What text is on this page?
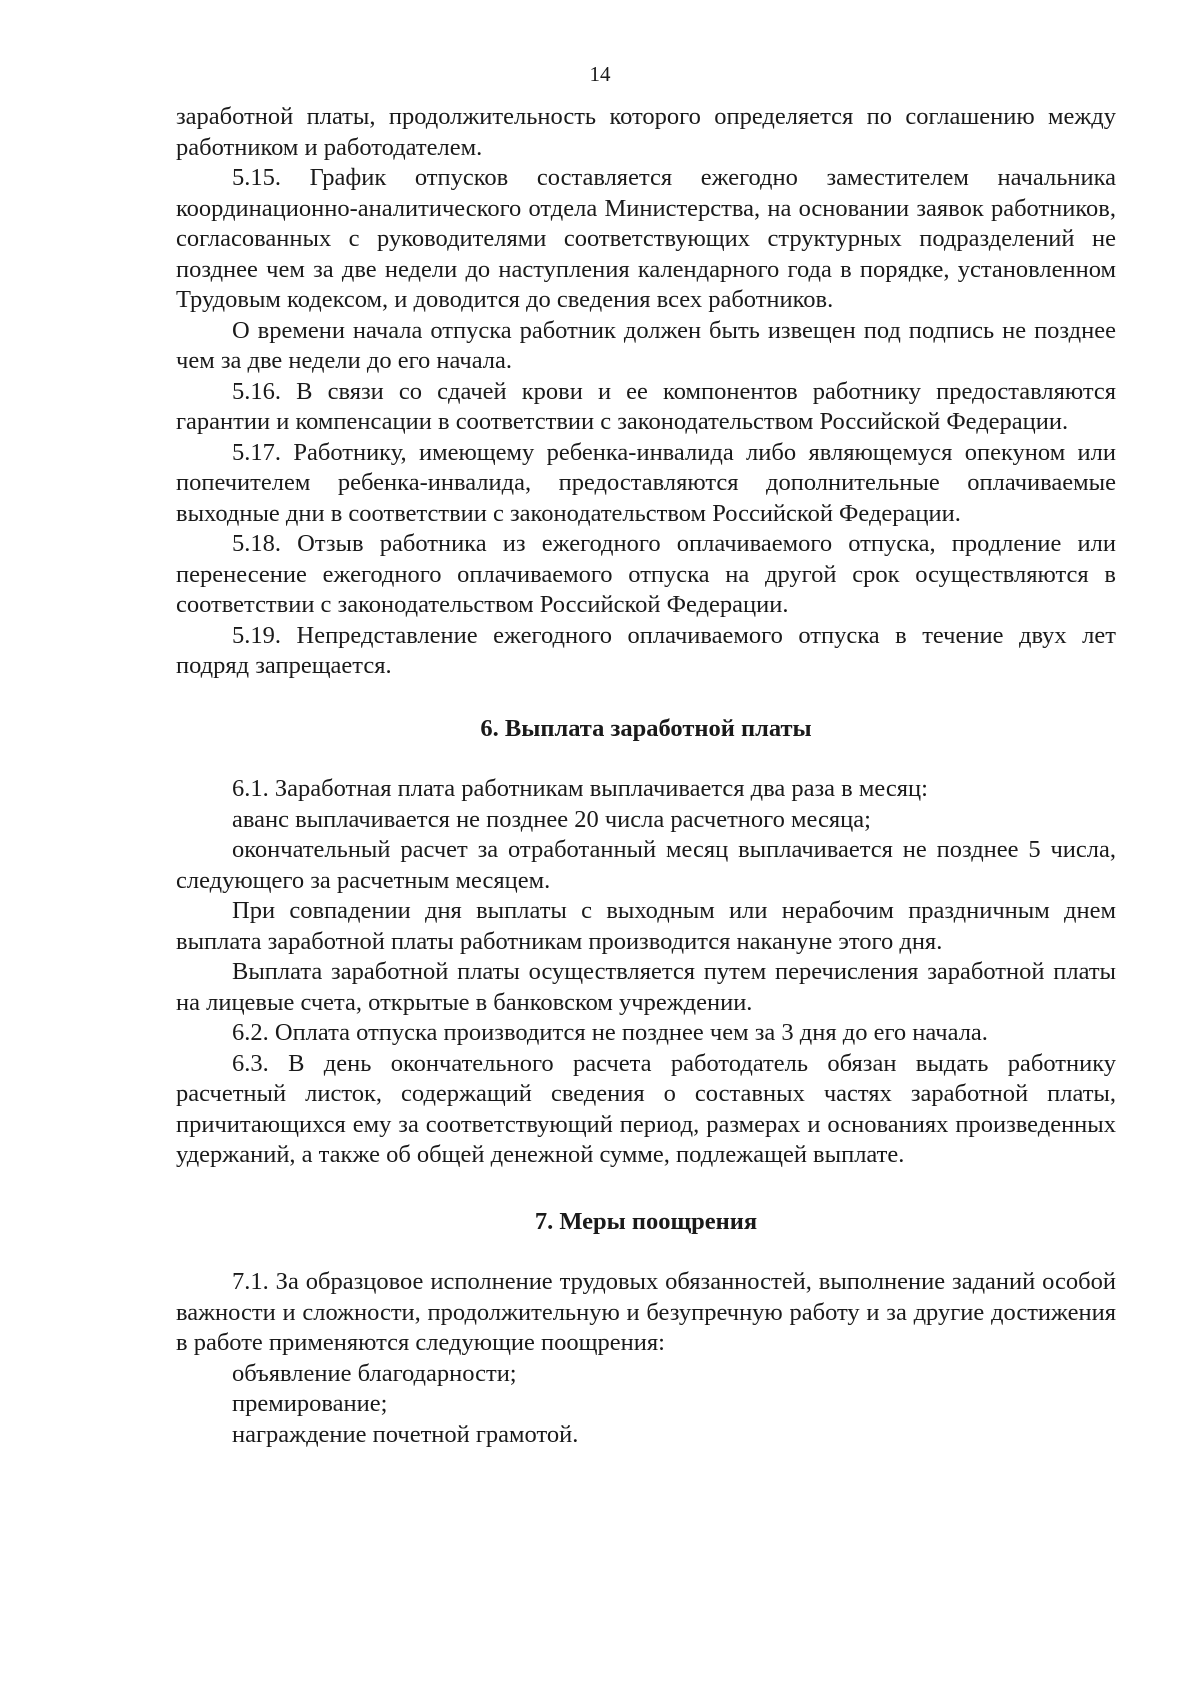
14

заработной платы, продолжительность которого определяется по соглашению между работником и работодателем.

5.15. График отпусков составляется ежегодно заместителем начальника координационно-аналитического отдела Министерства, на основании заявок работников, согласованных с руководителями соответствующих структурных подразделений не позднее чем за две недели до наступления календарного года в порядке, установленном Трудовым кодексом, и доводится до сведения всех работников.

О времени начала отпуска работник должен быть извещен под подпись не позднее чем за две недели до его начала.

5.16. В связи со сдачей крови и ее компонентов работнику предоставляются гарантии и компенсации в соответствии с законодательством Российской Федерации.

5.17. Работнику, имеющему ребенка-инвалида либо являющемуся опекуном или попечителем ребенка-инвалида, предоставляются дополнительные оплачиваемые выходные дни в соответствии с законодательством Российской Федерации.

5.18. Отзыв работника из ежегодного оплачиваемого отпуска, продление или перенесение ежегодного оплачиваемого отпуска на другой срок осуществляются в соответствии с законодательством Российской Федерации.

5.19. Непредставление ежегодного оплачиваемого отпуска в течение двух лет подряд запрещается.

6. Выплата заработной платы

6.1. Заработная плата работникам выплачивается два раза в месяц:

аванс выплачивается не позднее 20 числа расчетного месяца;

окончательный расчет за отработанный месяц выплачивается не позднее 5 числа, следующего за расчетным месяцем.

При совпадении дня выплаты с выходным или нерабочим праздничным днем выплата заработной платы работникам производится накануне этого дня.

Выплата заработной платы осуществляется путем перечисления заработной платы на лицевые счета, открытые в банковском учреждении.

6.2. Оплата отпуска производится не позднее чем за 3 дня до его начала.

6.3. В день окончательного расчета работодатель обязан выдать работнику расчетный листок, содержащий сведения о составных частях заработной платы, причитающихся ему за соответствующий период, размерах и основаниях произведенных удержаний, а также об общей денежной сумме, подлежащей выплате.

7. Меры поощрения

7.1. За образцовое исполнение трудовых обязанностей, выполнение заданий особой важности и сложности, продолжительную и безупречную работу и за другие достижения в работе применяются следующие поощрения:

объявление благодарности;

премирование;

награждение почетной грамотой.
